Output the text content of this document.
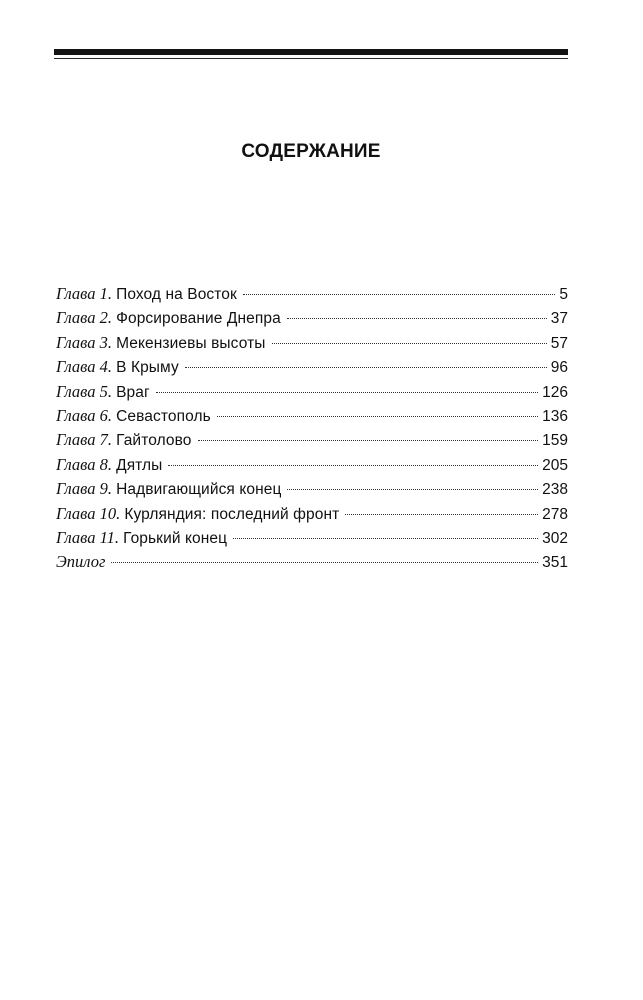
СОДЕРЖАНИЕ
Глава 1. Поход на Восток	5
Глава 2. Форсирование Днепра	37
Глава 3. Мекензиевы высоты	57
Глава 4. В Крыму	96
Глава 5. Враг	126
Глава 6. Севастополь	136
Глава 7. Гайтолово	159
Глава 8. Дятлы	205
Глава 9. Надвигающийся конец	238
Глава 10. Курляндия: последний фронт	278
Глава 11. Горький конец	302
Эпилог	351
